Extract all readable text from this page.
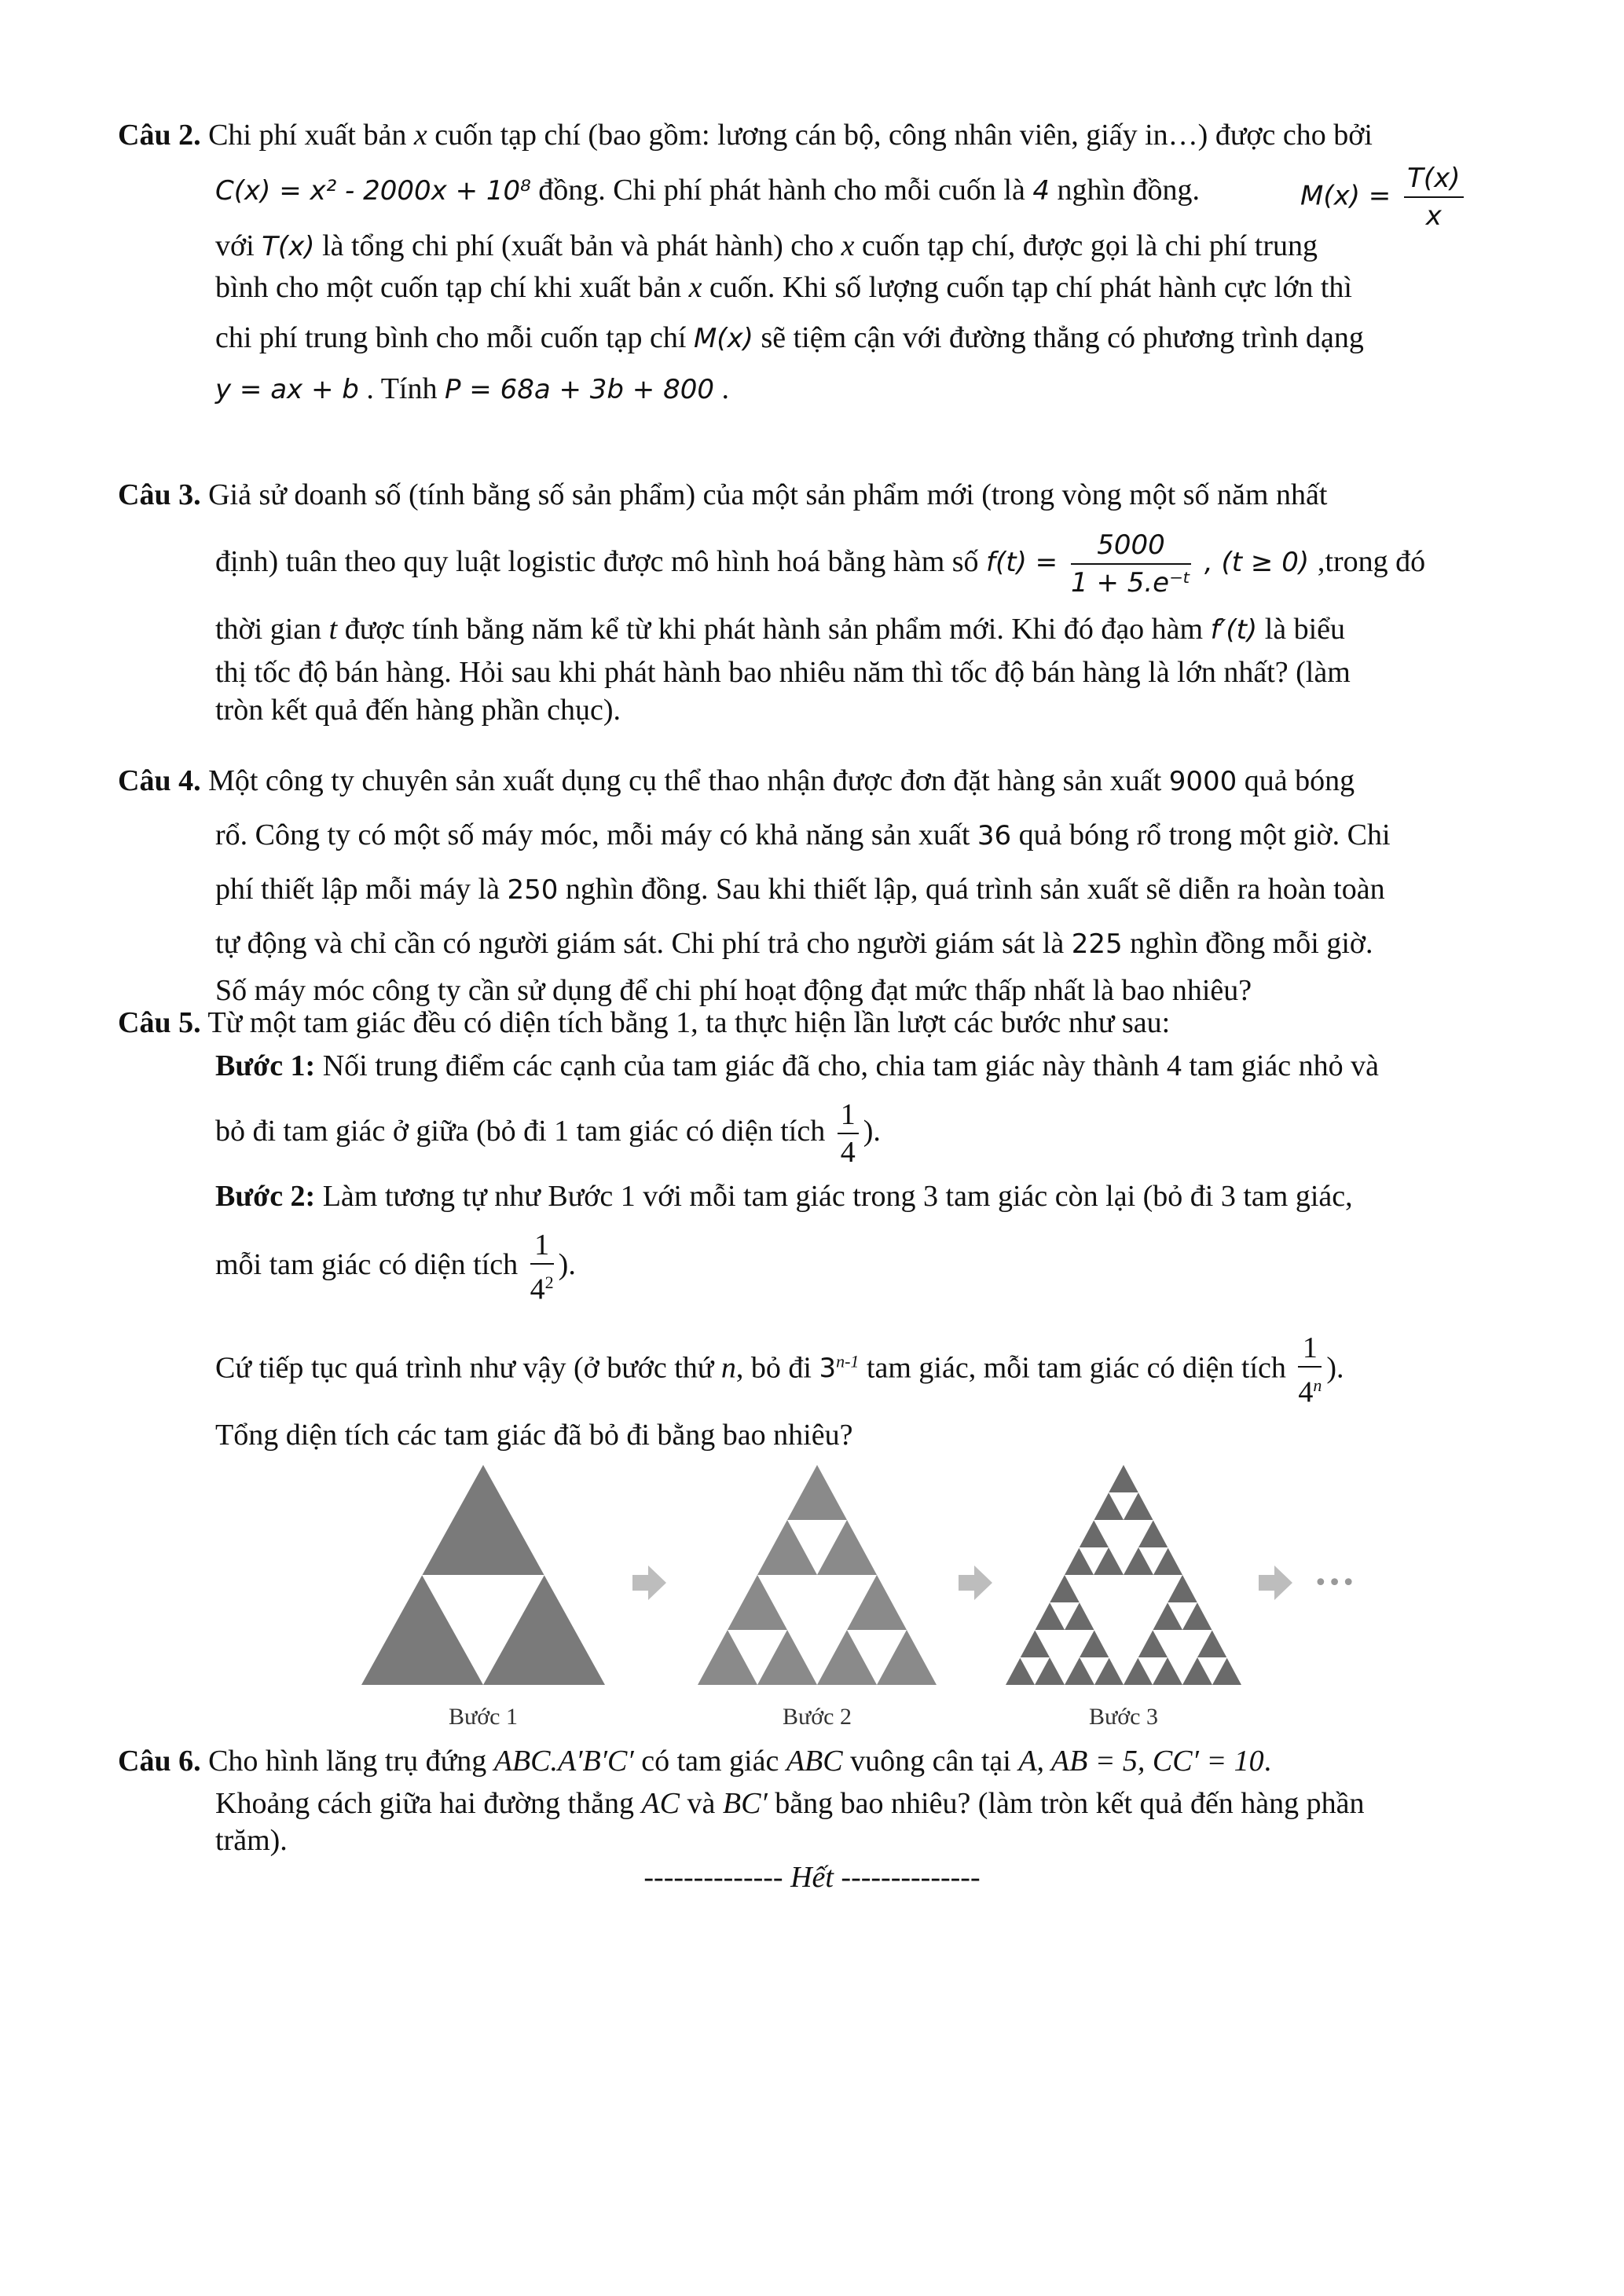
Câu 2. Chi phí xuất bản x cuốn tạp chí (bao gồm: lương cán bộ, công nhân viên, giấy in…) được cho bởi
C(x) = x² - 2000x + 10⁸ đồng. Chi phí phát hành cho mỗi cuốn là 4 nghìn đồng.	$M(x) = \frac{T(x)}{x}$
với T(x) là tổng chi phí (xuất bản và phát hành) cho x cuốn tạp chí, được gọi là chi phí trung
bình cho một cuốn tạp chí khi xuất bản x cuốn. Khi số lượng cuốn tạp chí phát hành cực lớn thì
chi phí trung bình cho mỗi cuốn tạp chí M(x) sẽ tiệm cận với đường thẳng có phương trình dạng
y = ax + b . Tính P = 68a + 3b + 800 .
Câu 3. Giả sử doanh số (tính bằng số sản phẩm) của một sản phẩm mới (trong vòng một số năm nhất
định) tuân theo quy luật logistic được mô hình hoá bằng hàm số $f(t) = \frac{5000}{\text{1 + 5.e⁻ᵗ}}$ , (t ≥ 0) ,trong đó
thời gian t được tính bằng năm kể từ khi phát hành sản phẩm mới. Khi đó đạo hàm f′(t) là biểu
thị tốc độ bán hàng. Hỏi sau khi phát hành bao nhiêu năm thì tốc độ bán hàng là lớn nhất? (làm
tròn kết quả đến hàng phần chục).
Câu 4. Một công ty chuyên sản xuất dụng cụ thể thao nhận được đơn đặt hàng sản xuất 9000 quả bóng
rổ. Công ty có một số máy móc, mỗi máy có khả năng sản xuất 36 quả bóng rổ trong một giờ. Chi
phí thiết lập mỗi máy là 250 nghìn đồng. Sau khi thiết lập, quá trình sản xuất sẽ diễn ra hoàn toàn
tự động và chỉ cần có người giám sát. Chi phí trả cho người giám sát là 225 nghìn đồng mỗi giờ.
Số máy móc công ty cần sử dụng để chi phí hoạt động đạt mức thấp nhất là bao nhiêu?
Câu 5. Từ một tam giác đều có diện tích bằng 1, ta thực hiện lần lượt các bước như sau:
Bước 1: Nối trung điểm các cạnh của tam giác đã cho, chia tam giác này thành 4 tam giác nhỏ và
bỏ đi tam giác ở giữa (bỏ đi 1 tam giác có diện tích $\frac{1}{4}$ ).
Bước 2: Làm tương tự như Bước 1 với mỗi tam giác trong 3 tam giác còn lại (bỏ đi 3 tam giác,
mỗi tam giác có diện tích $\frac{1}{4^2}$ ).
Cứ tiếp tục quá trình như vậy (ở bước thứ n, bỏ đi 3$^{n-1}$ tam giác, mỗi tam giác có diện tích $\frac{1}{4^n}$ ).
Tổng diện tích các tam giác đã bỏ đi bằng bao nhiêu?
•••
Bước 1	Bước 2	Bước 3
Câu 6. Cho hình lăng trụ đứng ABC.A′B′C′ có tam giác ABC vuông cân tại A, AB = 5, CC′ = 10.
Khoảng cách giữa hai đường thẳng AC và BC′ bằng bao nhiêu? (làm tròn kết quả đến hàng phần
trăm).
-------------- Hết --------------
